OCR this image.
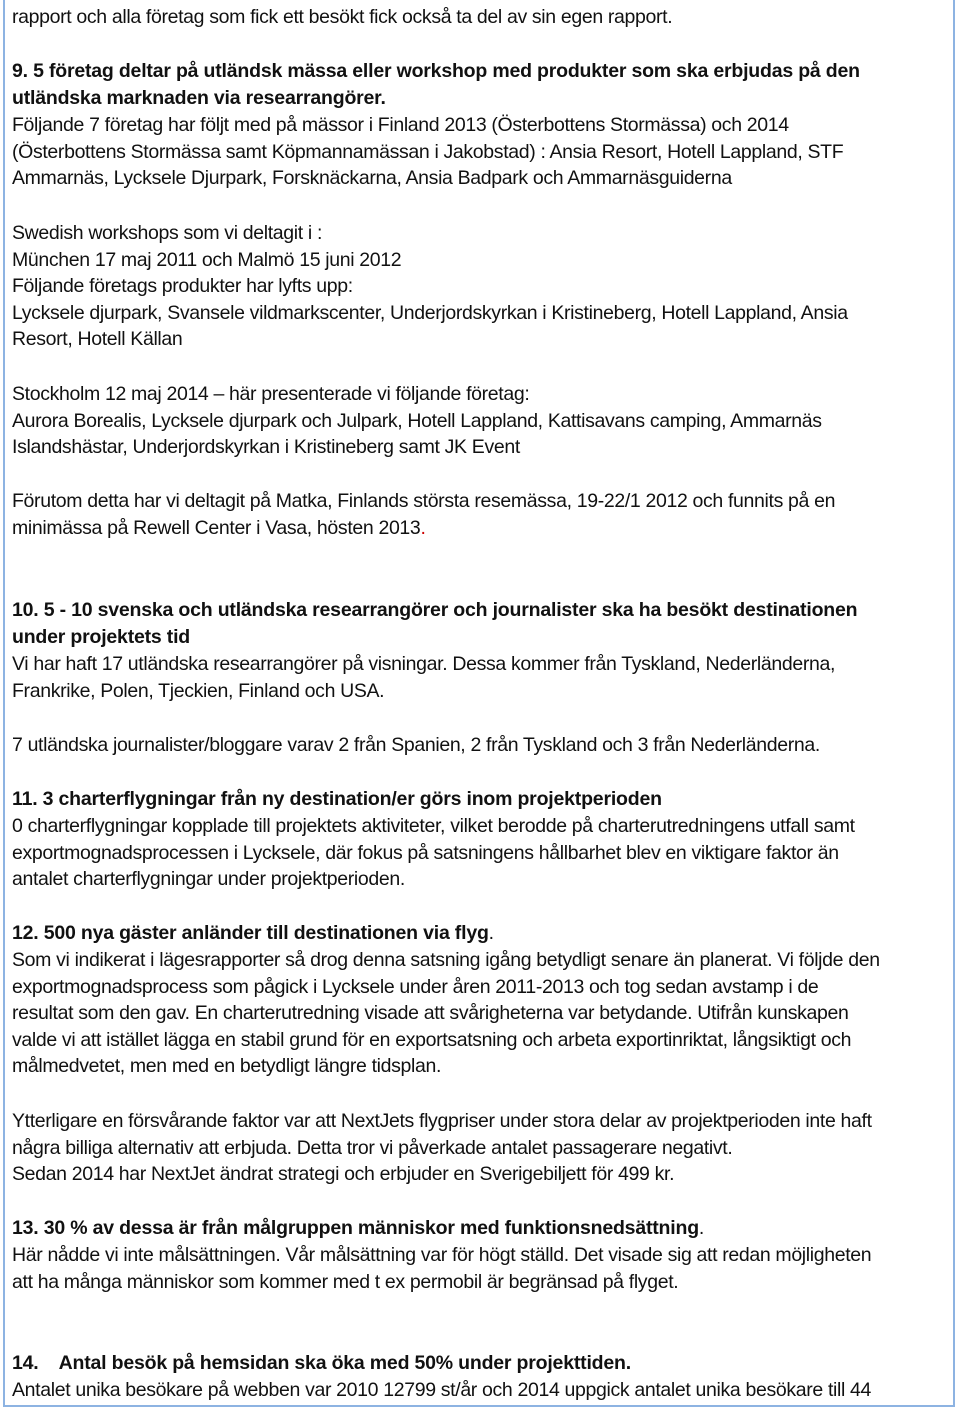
rapport och alla företag som fick ett besökt fick också ta del av sin egen rapport.

9. 5 företag deltar på utländsk mässa eller workshop med produkter som ska erbjudas på den
utländska marknaden via researrangörer.

Följande 7 företag har följt med på mässor i Finland 2013 (Österbottens Stormässa) och 2014
(Österbottens Stormässa samt Köpmannamässan i Jakobstad) : Ansia Resort, Hotell Lappland, STF
Ammarnäs, Lycksele Djurpark, Forsknäckarna, Ansia Badpark och Ammarnäsguiderna

Swedish workshops som vi deltagit i :
München 17 maj 2011 och Malmö 15 juni 2012
Följande företags produkter har lyfts upp:
Lycksele djurpark, Svansele vildmarkscenter, Underjordskyrkan i Kristineberg, Hotell Lappland, Ansia
Resort, Hotell Källan

Stockholm 12 maj 2014 – här presenterade vi följande företag:
Aurora Borealis, Lycksele djurpark och Julpark, Hotell Lappland, Kattisavans camping, Ammarnäs
Islandshästar, Underjordskyrkan i Kristineberg samt JK Event

Förutom detta har vi deltagit på Matka, Finlands största resemässa, 19-22/1 2012 och funnits på en
minimässa på Rewell Center i Vasa, hösten 2013.

10. 5 - 10 svenska och utländska researrangörer och journalister ska ha besökt destinationen
under projektets tid

Vi har haft 17 utländska researrangörer på visningar. Dessa kommer från Tyskland, Nederländerna,
Frankrike, Polen, Tjeckien, Finland och USA.

7 utländska journalister/bloggare varav 2 från Spanien, 2 från Tyskland och 3 från Nederländerna.

11. 3 charterflygningar från ny destination/er görs inom projektperioden

0 charterflygningar kopplade till projektets aktiviteter, vilket berodde på charterutredningens utfall samt
exportmognadsprocessen i Lycksele, där fokus på satsningens hållbarhet blev en viktigare faktor än
antalet charterflygningar under projektperioden.

12. 500 nya gäster anländer till destinationen via flyg.

Som vi indikerat i lägesrapporter så drog denna satsning igång betydligt senare än planerat. Vi följde den
exportmognadsprocess som pågick i Lycksele under åren 2011-2013 och tog sedan avstamp i de
resultat som den gav. En charterutredning visade att svårigheterna var betydande. Utifrån kunskapen
valde vi att istället lägga en stabil grund för en exportsatsning och arbeta exportinriktat, långsiktigt och
målmedvetet, men med en betydligt längre tidsplan.

Ytterligare en försvårande faktor var att NextJets flygpriser under stora delar av projektperioden inte haft
några billiga alternativ att erbjuda. Detta tror vi påverkade antalet passagerare negativt.
Sedan 2014 har NextJet ändrat strategi och erbjuder en Sverigebiljett för 499 kr.

13. 30 % av dessa är från målgruppen människor med funktionsnedsättning.

Här nådde vi inte målsättningen. Vår målsättning var för högt ställd. Det visade sig att redan möjligheten
att ha många människor som kommer med t ex permobil är begränsad på flyget.

14.    Antal besök på hemsidan ska öka med 50% under projekttiden.

Antalet unika besökare på webben var 2010 12799 st/år och 2014 uppgick antalet unika besökare till 44
